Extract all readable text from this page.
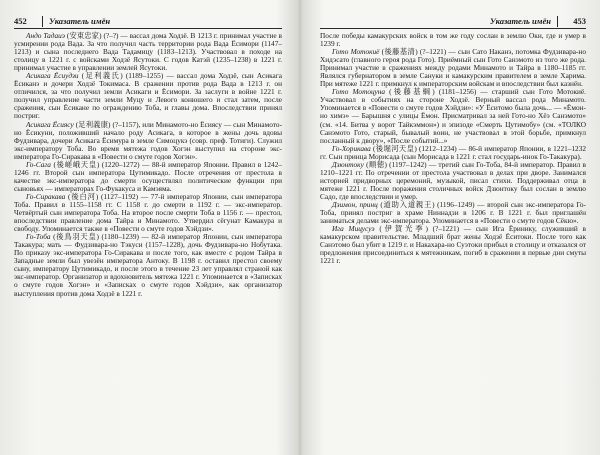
452	Указатель имён

Андо Тадаиэ (安東忠家) (?–?) — вассал дома Ходзё. В 1213 г. принимал участие в усмирении рода Вада. За что получил часть территории рода Вада Ёсимори (1147–1213) и сына последнего Вада Тадамицу (1183–1213). Участвовал в походе на столицу в 1221 г. с войсками Ходзё Ясутоки. С годов Катэй (1235–1238) в 1221 г. принимал участие в управлении землей Ясутоки.

Асикага Ёсиудзи (足利義氏) (1189–1255) — вассал дома Ходзё, сын Асикага Ёсиканэ и дочери Ходзё Токимаса. В сражении против рода Вада в 1213 г. он отличился, за что получил земли Асикаги и Ёсимори. За заслуги в войне 1221 г. получил управление части земли Муцу и Левого конюшего и стал затем, после сражения, сын Ёсикане по ограждению Тоба, и главы дома. Впоследствии принял постриг.

Асикага Ёсиясу (足利義康) (?–1157), или Минамото-но Ёсиясу — сын Минамото-но Ёсикуни, положивший начало роду Асикага, в которое в жены дочь вдовы Фудзивара, дочери Асикага Ёсимура в земле Симоцукэ (совр. преф. Тотиги). Служил экс-императору Тоба. Во время мятежа годов Хогэн выступил на стороне экс-императора Го-Сиракава в «Повести о смуте годов Хогэн».

Го-Сага (後嵯峨天皇) (1220–1272) — 88-й император Японии. Правил в 1242–1246 гг. Второй сын императора Цутимикадо. После отречения от престола в качестве экс-императора до смерти осуществлял политические функции при сыновьях — императорах Го-Фукакуса и Камэяма.

Го-Сиракава (後白河) (1127–1192) — 77-й император Японии, сын императора Тоба. Правил в 1155–1158 гг. С 1158 г. до смерти в 1192 г. — экс-император. Четвёртый сын императора Тоба. На второе после смерти Тоба в 1156 г. — престол, впоследствии правление дома Тайра и Минамото. Утвердил сёгунат Камакура и свободу. Упоминается также в «Повести о смуте годов Хэйдзи».

Го-Тоба (後鳥羽天皇) (1180–1239) — 82-й император Японии, сын императора Такакура; мать — Фудзивара-но Тэкуси (1157–1228), дочь Фудзивара-но Нобутака. По приказу экс-императора Го-Сиракава и после того, как вместе с родом Тайра в Западные земли был увезён императора Антоку. В 1198 г. оставил престол своему сыну, императору Цутимикадо, и после этого в течение 23 лет управлял страной как экс-император. Организатор и вдохновитель мятежа 1221 г. Упоминается в «Записках о смуте годов Хогэн» и «Записках о смуте годов Хэйдзи», как организатор выступления против дома Ходзё в 1221 г.

Указатель имён	453

После победы камакурских войск в том же году сослан в землю Оки, где и умер в 1239 г.

Гото Мотокиё (後藤基清) (?–1221) — сын Сато Наканэ, потомка Фудзивара-но Хидэсато (главного героя рода Гото). Приёмный сын Гото Санэмото из того же рода. Принимал участие в сражениях между родами Минамото и Тайра в 1180–1185 гг. Являлся губернатором в земле Сануки и камакурским правителем в земле Харима. При мятеже 1221 г. примкнул к императорским войскам и впоследствии был казнён.

Гото Мотоцуна (後藤基綱) (1181–1256) — старший сын Гото Мотокиё. Участвовал в событиях на стороне Ходзё. Верный вассал рода Минамото. Упоминается в «Повести о смуте годов Хэйдзи»: «У Ёситомо была дочь... — «Ёмон-но химэ» — Барышня с улицы Ёмон. Присматривал за ней Гото-но Хёэ Санэмото» (см. «14. Битва у ворот Тайкэммон») и эпизоде «Смерть Цутимобу» (см. «ТОЛКО Санэмото Гото, старый, бывалый воин, не участвовал в этой борьбе, примкнул посланный к двору», «После событий...»

Го-Хорикава (後堀河天皇) (1212–1234) — 86-й император Японии, в 1221–1232 гг. Сын принца Морисада (сын Морисада в 1221 г. стал государь-инок Го-Такакура).

Дзюнтоку (順徳) (1197–1242) — третий сын Го-Тоба, 84-й император. Правил в 1210–1221 гг. По отречении от престола участвовал в делах при дворе. Занимался историей придворных церемоний, музыкой, писал стихи. Поддерживал отца в мятеже 1221 г. После поражения столичных войск Дзюнтоку был сослан в землю Садо, где впоследствии и умер.

Дзимон, принц (道助入道親王) (1196–1249) — второй сын экс-императора Го-Тоба, принял постриг в храме Ниннадзи в 1206 г. В 1221 г. был приглашён заниматься делами экс-императора. Упоминается в «Повести о смуте годов Сёкю».

Ига Мицусуэ (伊賀光季) (?–1221) — сын Ига Ёринику, служивший в камакурском правительстве. Младший брат жены Ходзё Ёситоки. После того как Санэтомо был убит в 1219 г. и Накахара-но Суэтоки прибыл в столицу и отказался от предложения присоединиться к мятежникам, погиб в сражении в первые дни смуты 1221 г.
